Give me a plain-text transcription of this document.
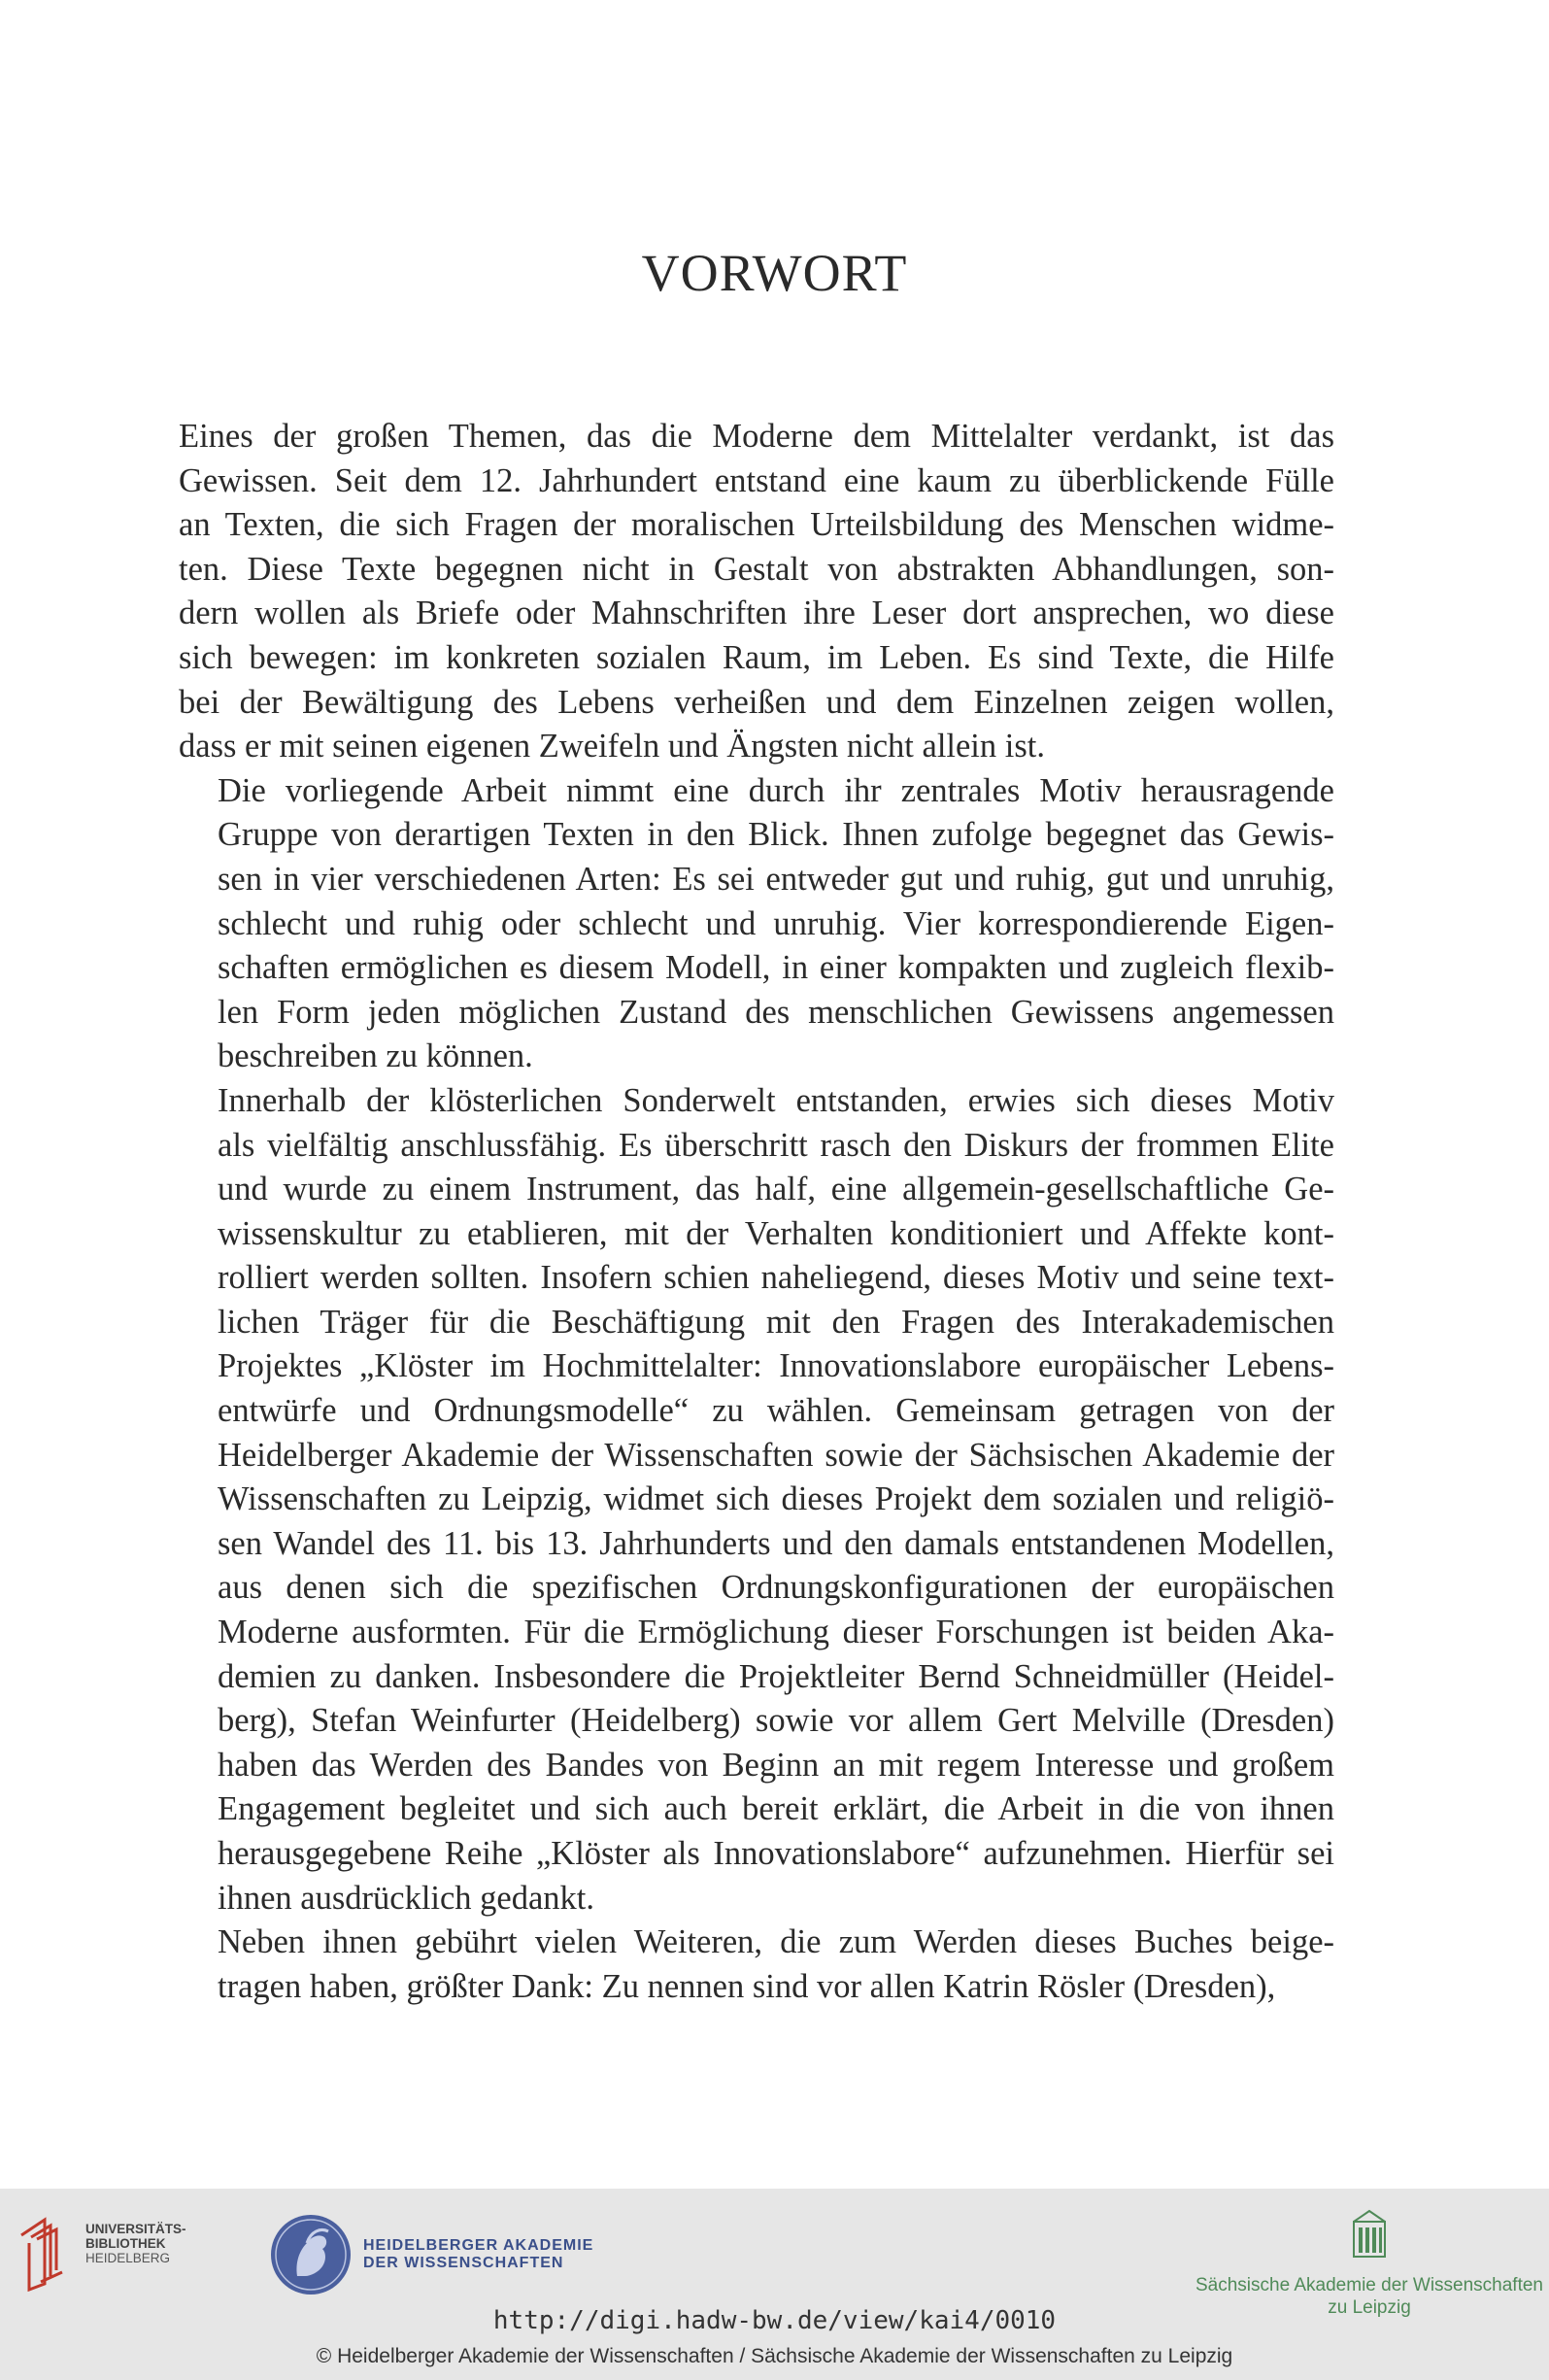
VORWORT

Eines der großen Themen, das die Moderne dem Mittelalter verdankt, ist das
Gewissen. Seit dem 12. Jahrhundert entstand eine kaum zu überblickende Fülle
an Texten, die sich Fragen der moralischen Urteilsbildung des Menschen widme-
ten. Diese Texte begegnen nicht in Gestalt von abstrakten Abhandlungen, son-
dern wollen als Briefe oder Mahnschriften ihre Leser dort ansprechen, wo diese
sich bewegen: im konkreten sozialen Raum, im Leben. Es sind Texte, die Hilfe
bei der Bewältigung des Lebens verheißen und dem Einzelnen zeigen wollen,
dass er mit seinen eigenen Zweifeln und Ängsten nicht allein ist.

Die vorliegende Arbeit nimmt eine durch ihr zentrales Motiv herausragende
Gruppe von derartigen Texten in den Blick. Ihnen zufolge begegnet das Gewis-
sen in vier verschiedenen Arten: Es sei entweder gut und ruhig, gut und unruhig,
schlecht und ruhig oder schlecht und unruhig. Vier korrespondierende Eigen-
schaften ermöglichen es diesem Modell, in einer kompakten und zugleich flexib-
len Form jeden möglichen Zustand des menschlichen Gewissens angemessen
beschreiben zu können.

Innerhalb der klösterlichen Sonderwelt entstanden, erwies sich dieses Motiv
als vielfältig anschlussfähig. Es überschritt rasch den Diskurs der frommen Elite
und wurde zu einem Instrument, das half, eine allgemein-gesellschaftliche Ge-
wissenskultur zu etablieren, mit der Verhalten konditioniert und Affekte kont-
rolliert werden sollten. Insofern schien naheliegend, dieses Motiv und seine text-
lichen Träger für die Beschäftigung mit den Fragen des Interakademischen
Projektes „Klöster im Hochmittelalter: Innovationslabore europäischer Lebens-
entwürfe und Ordnungsmodelle“ zu wählen. Gemeinsam getragen von der
Heidelberger Akademie der Wissenschaften sowie der Sächsischen Akademie der
Wissenschaften zu Leipzig, widmet sich dieses Projekt dem sozialen und religiö-
sen Wandel des 11. bis 13. Jahrhunderts und den damals entstandenen Modellen,
aus denen sich die spezifischen Ordnungskonfigurationen der europäischen
Moderne ausformten. Für die Ermöglichung dieser Forschungen ist beiden Aka-
demien zu danken. Insbesondere die Projektleiter Bernd Schneidmüller (Heidel-
berg), Stefan Weinfurter (Heidelberg) sowie vor allem Gert Melville (Dresden)
haben das Werden des Bandes von Beginn an mit regem Interesse und großem
Engagement begleitet und sich auch bereit erklärt, die Arbeit in die von ihnen
herausgegebene Reihe „Klöster als Innovationslabore“ aufzunehmen. Hierfür sei
ihnen ausdrücklich gedankt.

Neben ihnen gebührt vielen Weiteren, die zum Werden dieses Buches beige-
tragen haben, größter Dank: Zu nennen sind vor allen Katrin Rösler (Dresden),

UNIVERSITÄTS-
BIBLIOTHEK
HEIDELBERG
HEIDELBERGER AKADEMIE
DER WISSENSCHAFTEN
Sächsische Akademie der Wissenschaften
zu Leipzig
http://digi.hadw-bw.de/view/kai4/0010
© Heidelberger Akademie der Wissenschaften / Sächsische Akademie der Wissenschaften zu Leipzig
